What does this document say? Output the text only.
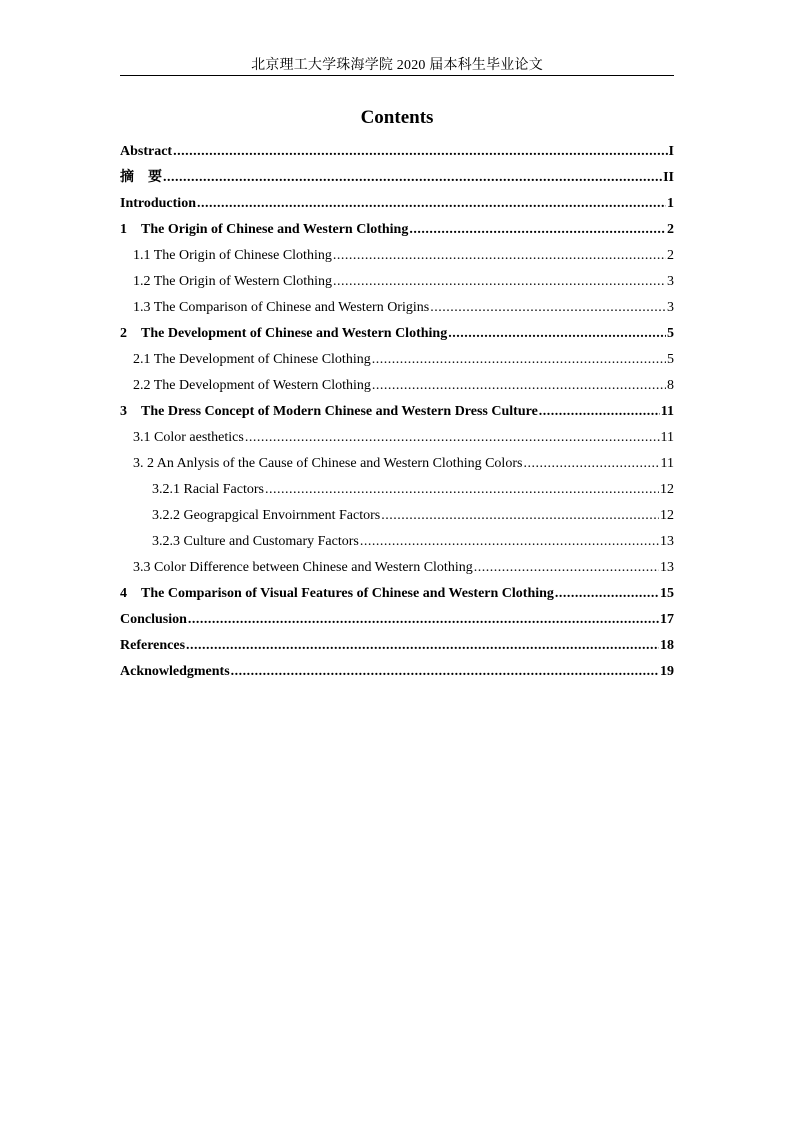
北京理工大学珠海学院 2020 届本科生毕业论文
Contents
Abstract .....	I
摘　要 .....	II
Introduction .....	1
1  The Origin of Chinese and Western Clothing .....	2
1.1 The Origin of Chinese Clothing .....	2
1.2 The Origin of Western Clothing .....	3
1.3 The Comparison of Chinese and Western Origins .....	3
2  The Development of Chinese and Western Clothing .....	5
2.1 The Development of Chinese Clothing .....	5
2.2 The Development of Western Clothing .....	8
3  The Dress Concept of Modern Chinese and Western Dress Culture .....	11
3.1 Color aesthetics .....	11
3. 2 An Anlysis of the Cause of Chinese and Western Clothing Colors .....	11
3.2.1 Racial Factors .....	12
3.2.2 Geograpgical Envoirnment Factors .....	12
3.2.3 Culture and Customary Factors .....	13
3.3 Color Difference between Chinese and Western Clothing .....	13
4  The Comparison of Visual Features of Chinese and Western Clothing .....	15
Conclusion .....	17
References .....	18
Acknowledgments .....	19
